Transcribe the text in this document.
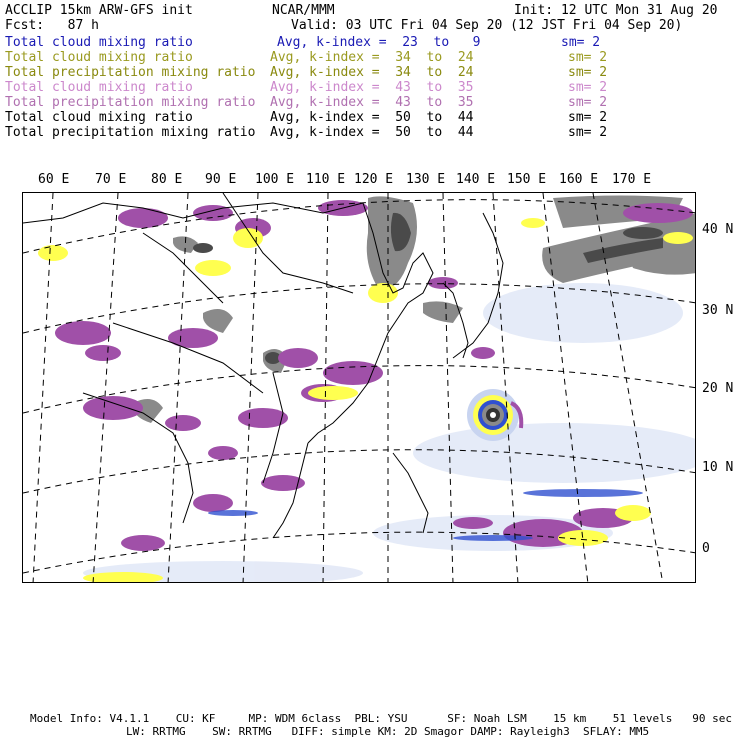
ACCLIP 15km ARW-GFS init	NCAR/MMM	Init: 12 UTC Mon 31 Aug 20
Fcst:   87 h	Valid: 03 UTC Fri 04 Sep 20 (12 JST Fri 04 Sep 20)
Total cloud mixing ratio	Avg, k-index =  23  to   9	sm= 2
Total cloud mixing ratio	Avg, k-index =  34  to  24	sm= 2
Total precipitation mixing ratio Avg, k-index =  34  to  24	sm= 2
Total cloud mixing ratio	Avg, k-index =  43  to  35	sm= 2
Total precipitation mixing ratio Avg, k-index =  43  to  35	sm= 2
Total cloud mixing ratio	Avg, k-index =  50  to  44	sm= 2
Total precipitation mixing ratio Avg, k-index =  50  to  44	sm= 2
60 E 70 E 80 E 90 E 100 E 110 E 120 E 130 E 140 E 150 E 160 E 170 E
40 N
30 N
20 N
10 N
0
Model Info: V4.1.1    CU: KF     MP: WDM 6class  PBL: YSU      SF: Noah LSM    15 km    51 levels   90 sec
LW: RRTMG    SW: RRTMG   DIFF: simple KM: 2D Smagor DAMP: Rayleigh3  SFLAY: MM5
